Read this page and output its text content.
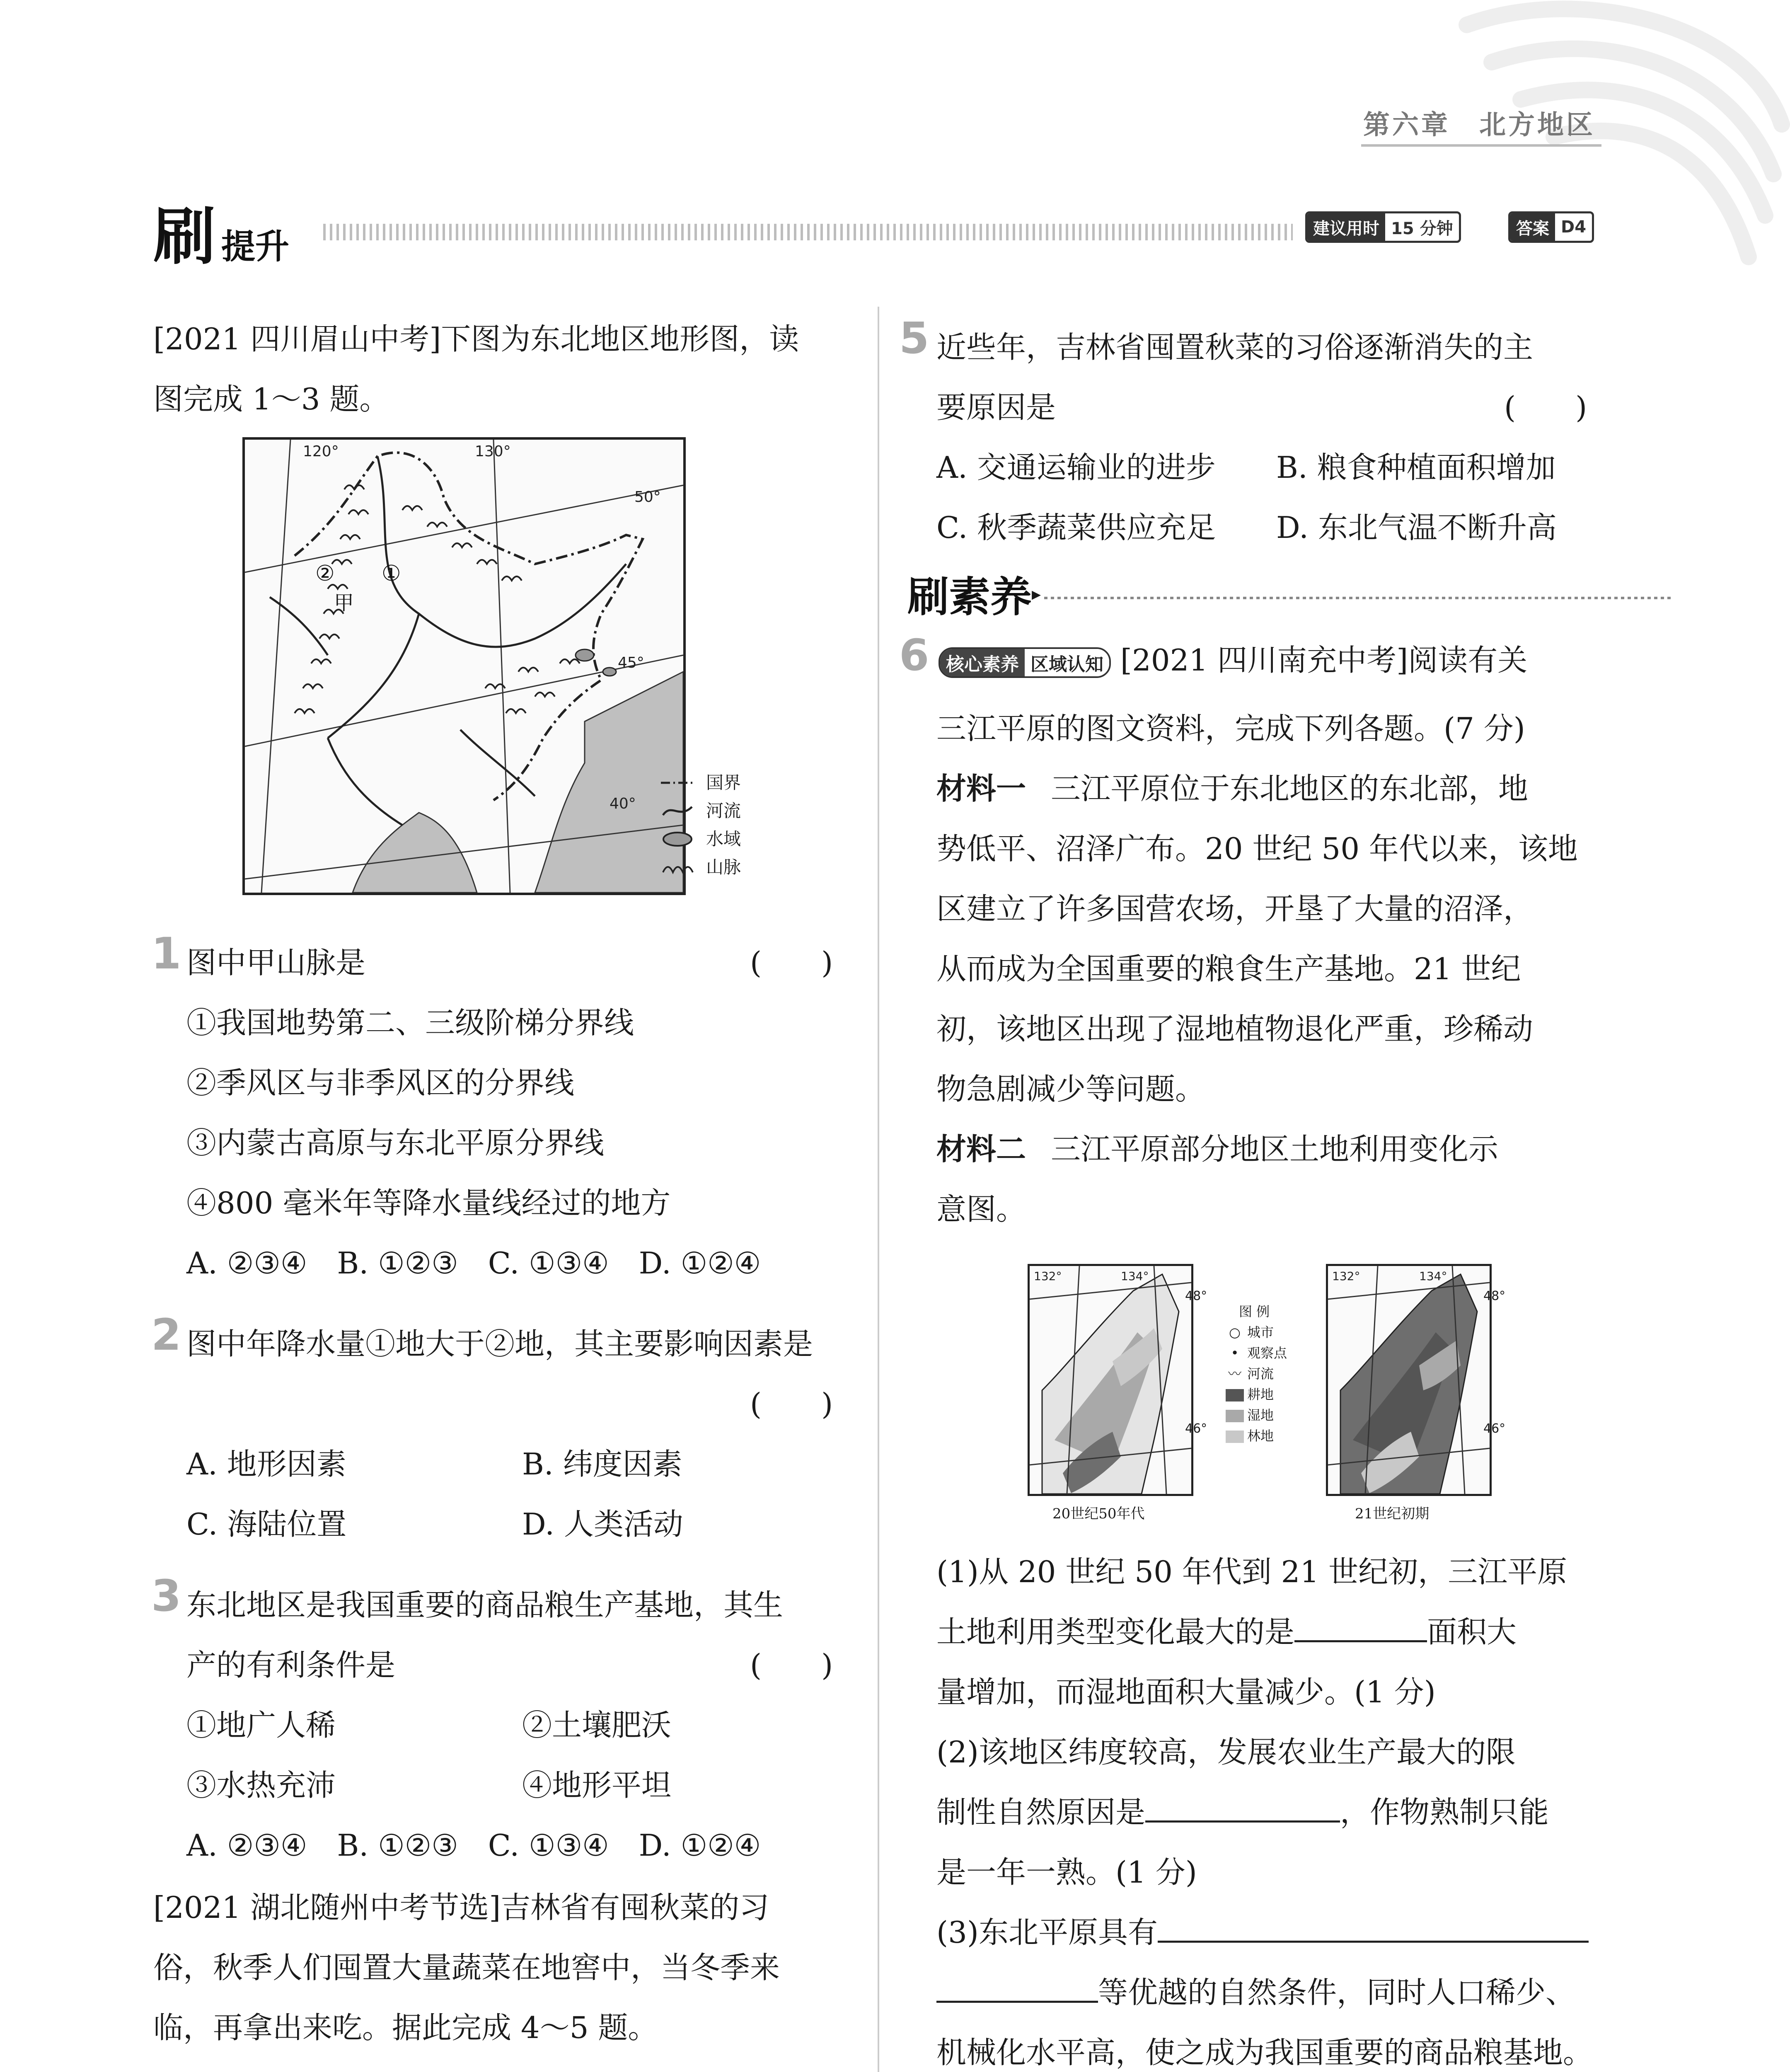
第六章 北方地区
刷提升	建议用时 15 分钟	答案 D4
[2021 四川眉山中考]下图为东北地区地形图，读
图完成 1～3 题。
120°	130°
50°
45°
40°
甲
①
②
国界
河流
水域
山脉
1 图中甲山脉是	(　　)
①我国地势第二、三级阶梯分界线
②季风区与非季风区的分界线
③内蒙古高原与东北平原分界线
④800 毫米年等降水量线经过的地方
A. ②③④　B. ①②③　C. ①③④　D. ①②④
2 图中年降水量①地大于②地，其主要影响因素是
(　　)
A. 地形因素	B. 纬度因素
C. 海陆位置	D. 人类活动
3 东北地区是我国重要的商品粮生产基地，其生
产的有利条件是	(　　)
①地广人稀	②土壤肥沃
③水热充沛	④地形平坦
A. ②③④　B. ①②③　C. ①③④　D. ①②④
[2021 湖北随州中考节选]吉林省有囤秋菜的习
俗，秋季人们囤置大量蔬菜在地窖中，当冬季来
临，再拿出来吃。据此完成 4～5 题。
5 近些年，吉林省囤置秋菜的习俗逐渐消失的主
要原因是	(　　)
A. 交通运输业的进步 B. 粮食种植面积增加
C. 秋季蔬菜供应充足 D. 东北气温不断升高
刷素养 ▸
6 核心素养 区域认知 [2021 四川南充中考]阅读有关
三江平原的图文资料，完成下列各题。(7 分)
材料一 三江平原位于东北地区的东北部，地
势低平、沼泽广布。20 世纪 50 年代以来，该地
区建立了许多国营农场，开垦了大量的沼泽，
从而成为全国重要的粮食生产基地。21 世纪
初，该地区出现了湿地植物退化严重，珍稀动
物急剧减少等问题。
材料二 三江平原部分地区土地利用变化示
意图。
132°	134°
48°
46°
20世纪50年代
132°	134°
48°
46°
21世纪初期
图 例
○ 城市
• 观察点
〰 河流
耕地
湿地
林地
(1)从 20 世纪 50 年代到 21 世纪初，三江平原
土地利用类型变化最大的是	面积大
量增加，而湿地面积大量减少。(1 分)
(2)该地区纬度较高，发展农业生产最大的限
制性自然原因是	，作物熟制只能
是一年一熟。(1 分)
(3)东北平原具有
等优越的自然条件，同时人口稀少、
机械化水平高，使之成为我国重要的商品粮基地。
